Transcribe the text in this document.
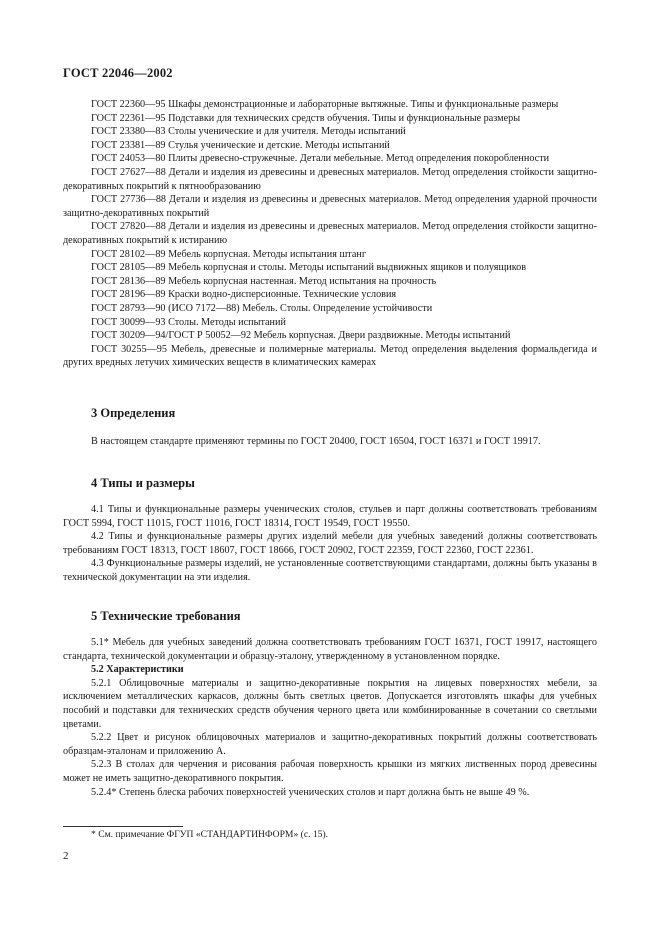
ГОСТ 22046—2002

ГОСТ 22360—95 Шкафы демонстрационные и лабораторные вытяжные. Типы и функциональные размеры

ГОСТ 22361—95 Подставки для технических средств обучения. Типы и функциональные размеры

ГОСТ 23380—83 Столы ученические и для учителя. Методы испытаний

ГОСТ 23381—89 Стулья ученические и детские. Методы испытаний

ГОСТ 24053—80 Плиты древесно-стружечные. Детали мебельные. Метод определения покоробленности

ГОСТ 27627—88 Детали и изделия из древесины и древесных материалов. Метод определения стойкости защитно-декоративных покрытий к пятнообразованию

ГОСТ 27736—88 Детали и изделия из древесины и древесных материалов. Метод определения ударной прочности защитно-декоративных покрытий

ГОСТ 27820—88 Детали и изделия из древесины и древесных материалов. Метод определения стойкости защитно-декоративных покрытий к истиранию

ГОСТ 28102—89 Мебель корпусная. Методы испытания штанг

ГОСТ 28105—89 Мебель корпусная и столы. Методы испытаний выдвижных ящиков и полуящиков

ГОСТ 28136—89 Мебель корпусная настенная. Метод испытания на прочность

ГОСТ 28196—89 Краски водно-дисперсионные. Технические условия

ГОСТ 28793—90 (ИСО 7172—88) Мебель. Столы. Определение устойчивости

ГОСТ 30099—93 Столы. Методы испытаний

ГОСТ 30209—94/ГОСТ Р 50052—92 Мебель корпусная. Двери раздвижные. Методы испытаний

ГОСТ 30255—95 Мебель, древесные и полимерные материалы. Метод определения выделения формальдегида и других вредных летучих химических веществ в климатических камерах

3 Определения

В настоящем стандарте применяют термины по ГОСТ 20400, ГОСТ 16504, ГОСТ 16371 и ГОСТ 19917.

4 Типы и размеры

4.1 Типы и функциональные размеры ученических столов, стульев и парт должны соответствовать требованиям ГОСТ 5994, ГОСТ 11015, ГОСТ 11016, ГОСТ 18314, ГОСТ 19549, ГОСТ 19550.

4.2 Типы и функциональные размеры других изделий мебели для учебных заведений должны соответствовать требованиям ГОСТ 18313, ГОСТ 18607, ГОСТ 18666, ГОСТ 20902, ГОСТ 22359, ГОСТ 22360, ГОСТ 22361.

4.3 Функциональные размеры изделий, не установленные соответствующими стандартами, должны быть указаны в технической документации на эти изделия.

5 Технические требования

5.1* Мебель для учебных заведений должна соответствовать требованиям ГОСТ 16371, ГОСТ 19917, настоящего стандарта, технической документации и образцу-эталону, утвержденному в установленном порядке.

5.2 Характеристики

5.2.1 Облицовочные материалы и защитно-декоративные покрытия на лицевых поверхностях мебели, за исключением металлических каркасов, должны быть светлых цветов. Допускается изготовлять шкафы для учебных пособий и подставки для технических средств обучения черного цвета или комбинированные в сочетании со светлыми цветами.

5.2.2 Цвет и рисунок облицовочных материалов и защитно-декоративных покрытий должны соответствовать образцам-эталонам и приложению А.

5.2.3 В столах для черчения и рисования рабочая поверхность крышки из мягких лиственных пород древесины может не иметь защитно-декоративного покрытия.

5.2.4* Степень блеска рабочих поверхностей ученических столов и парт должна быть не выше 49 %.

* См. примечание ФГУП «СТАНДАРТИНФОРМ» (с. 15).
2
